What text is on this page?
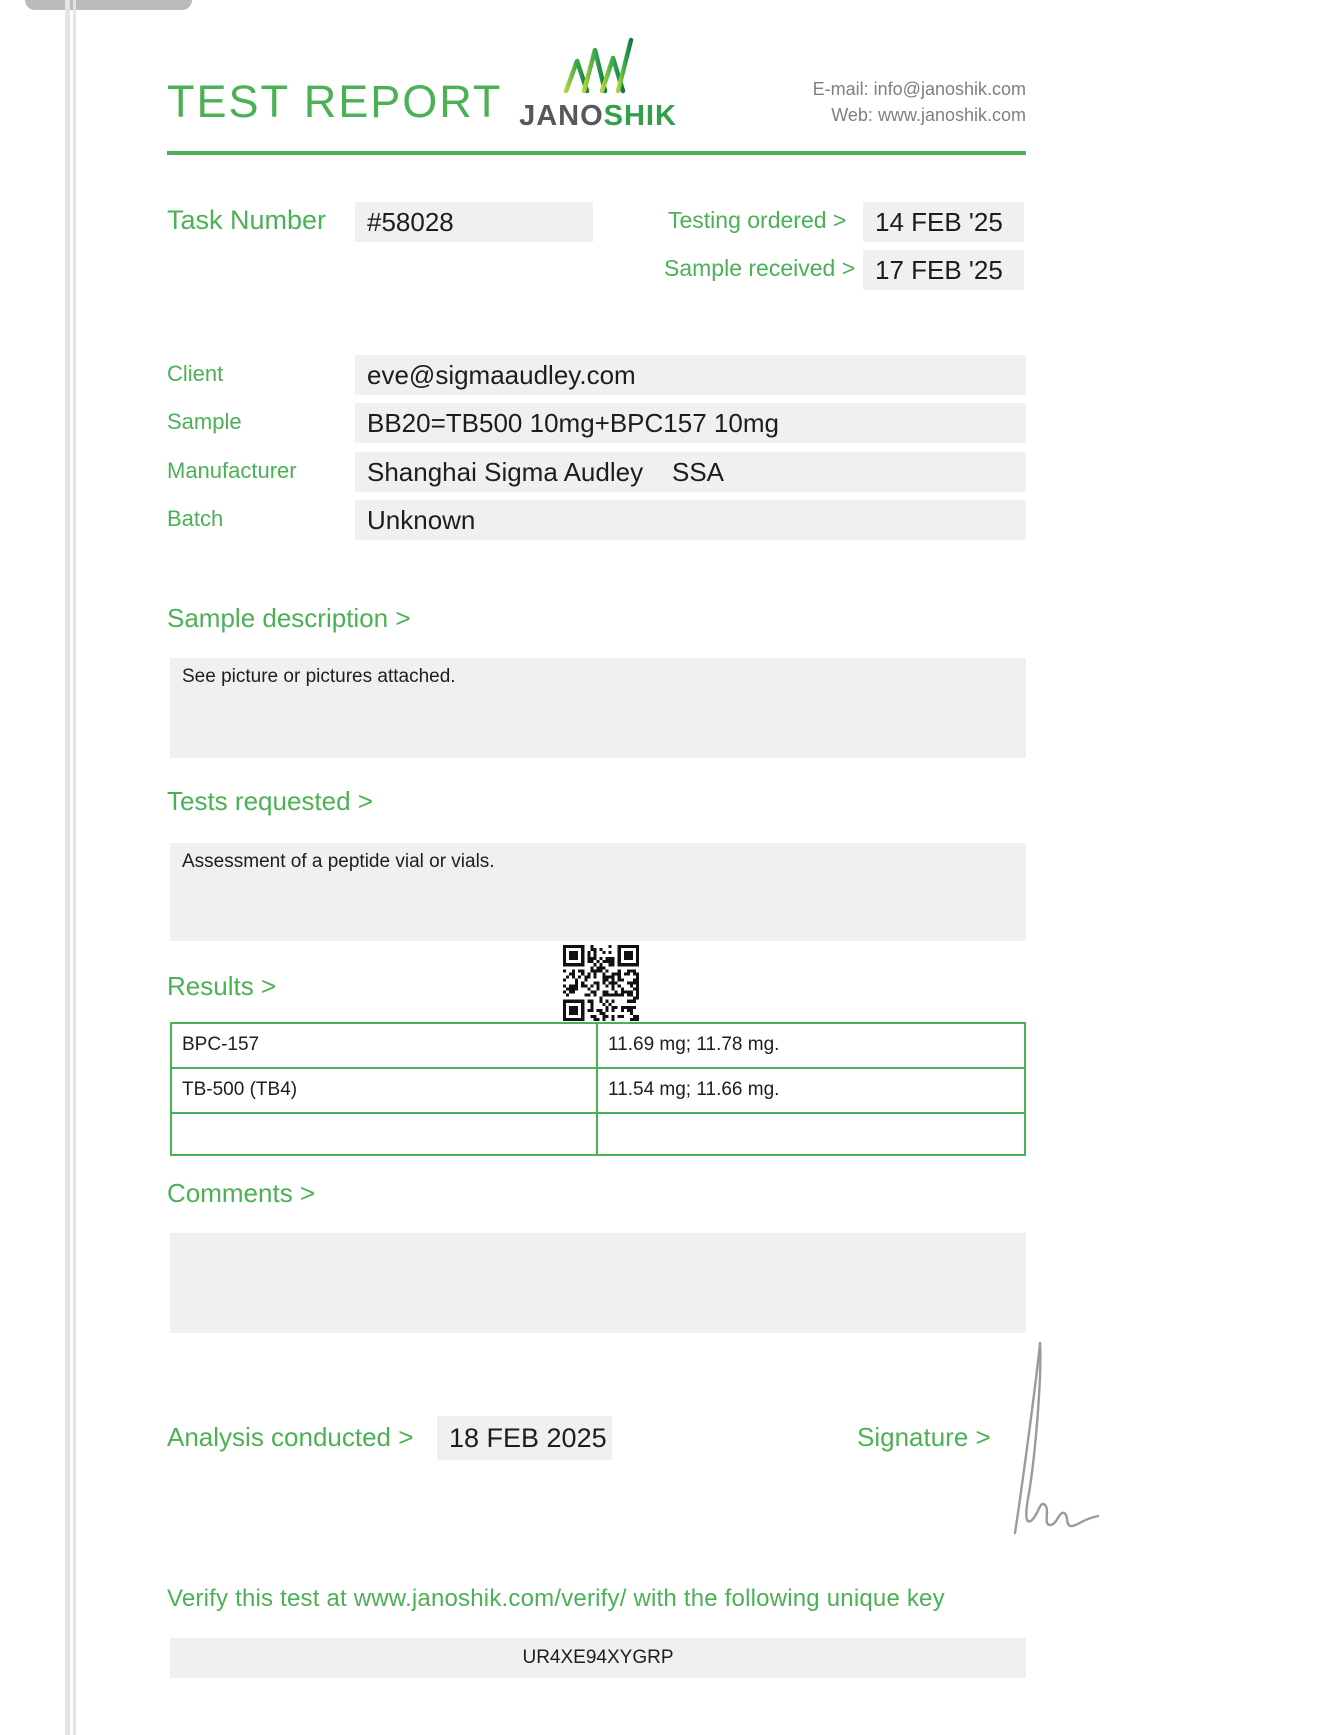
TEST REPORT JANOSHIK
E-mail: info@janoshik.com
Web: www.janoshik.com
Task Number	#58028	Testing ordered >	14 FEB '25
Sample received > 17 FEB '25
Client	eve@sigmaaudley.com
Sample	BB20=TB500 10mg+BPC157 10mg
Manufacturer	Shanghai Sigma Audley    SSA
Batch	Unknown
Sample description >
See picture or pictures attached.
Tests requested >
Assessment of a peptide vial or vials.
Results >
BPC-157	11.69 mg; 11.78 mg.
TB-500 (TB4)	11.54 mg; 11.66 mg.
Comments >
Analysis conducted >	18 FEB 2025	Signature >
Verify this test at www.janoshik.com/verify/ with the following unique key
UR4XE94XYGRP
